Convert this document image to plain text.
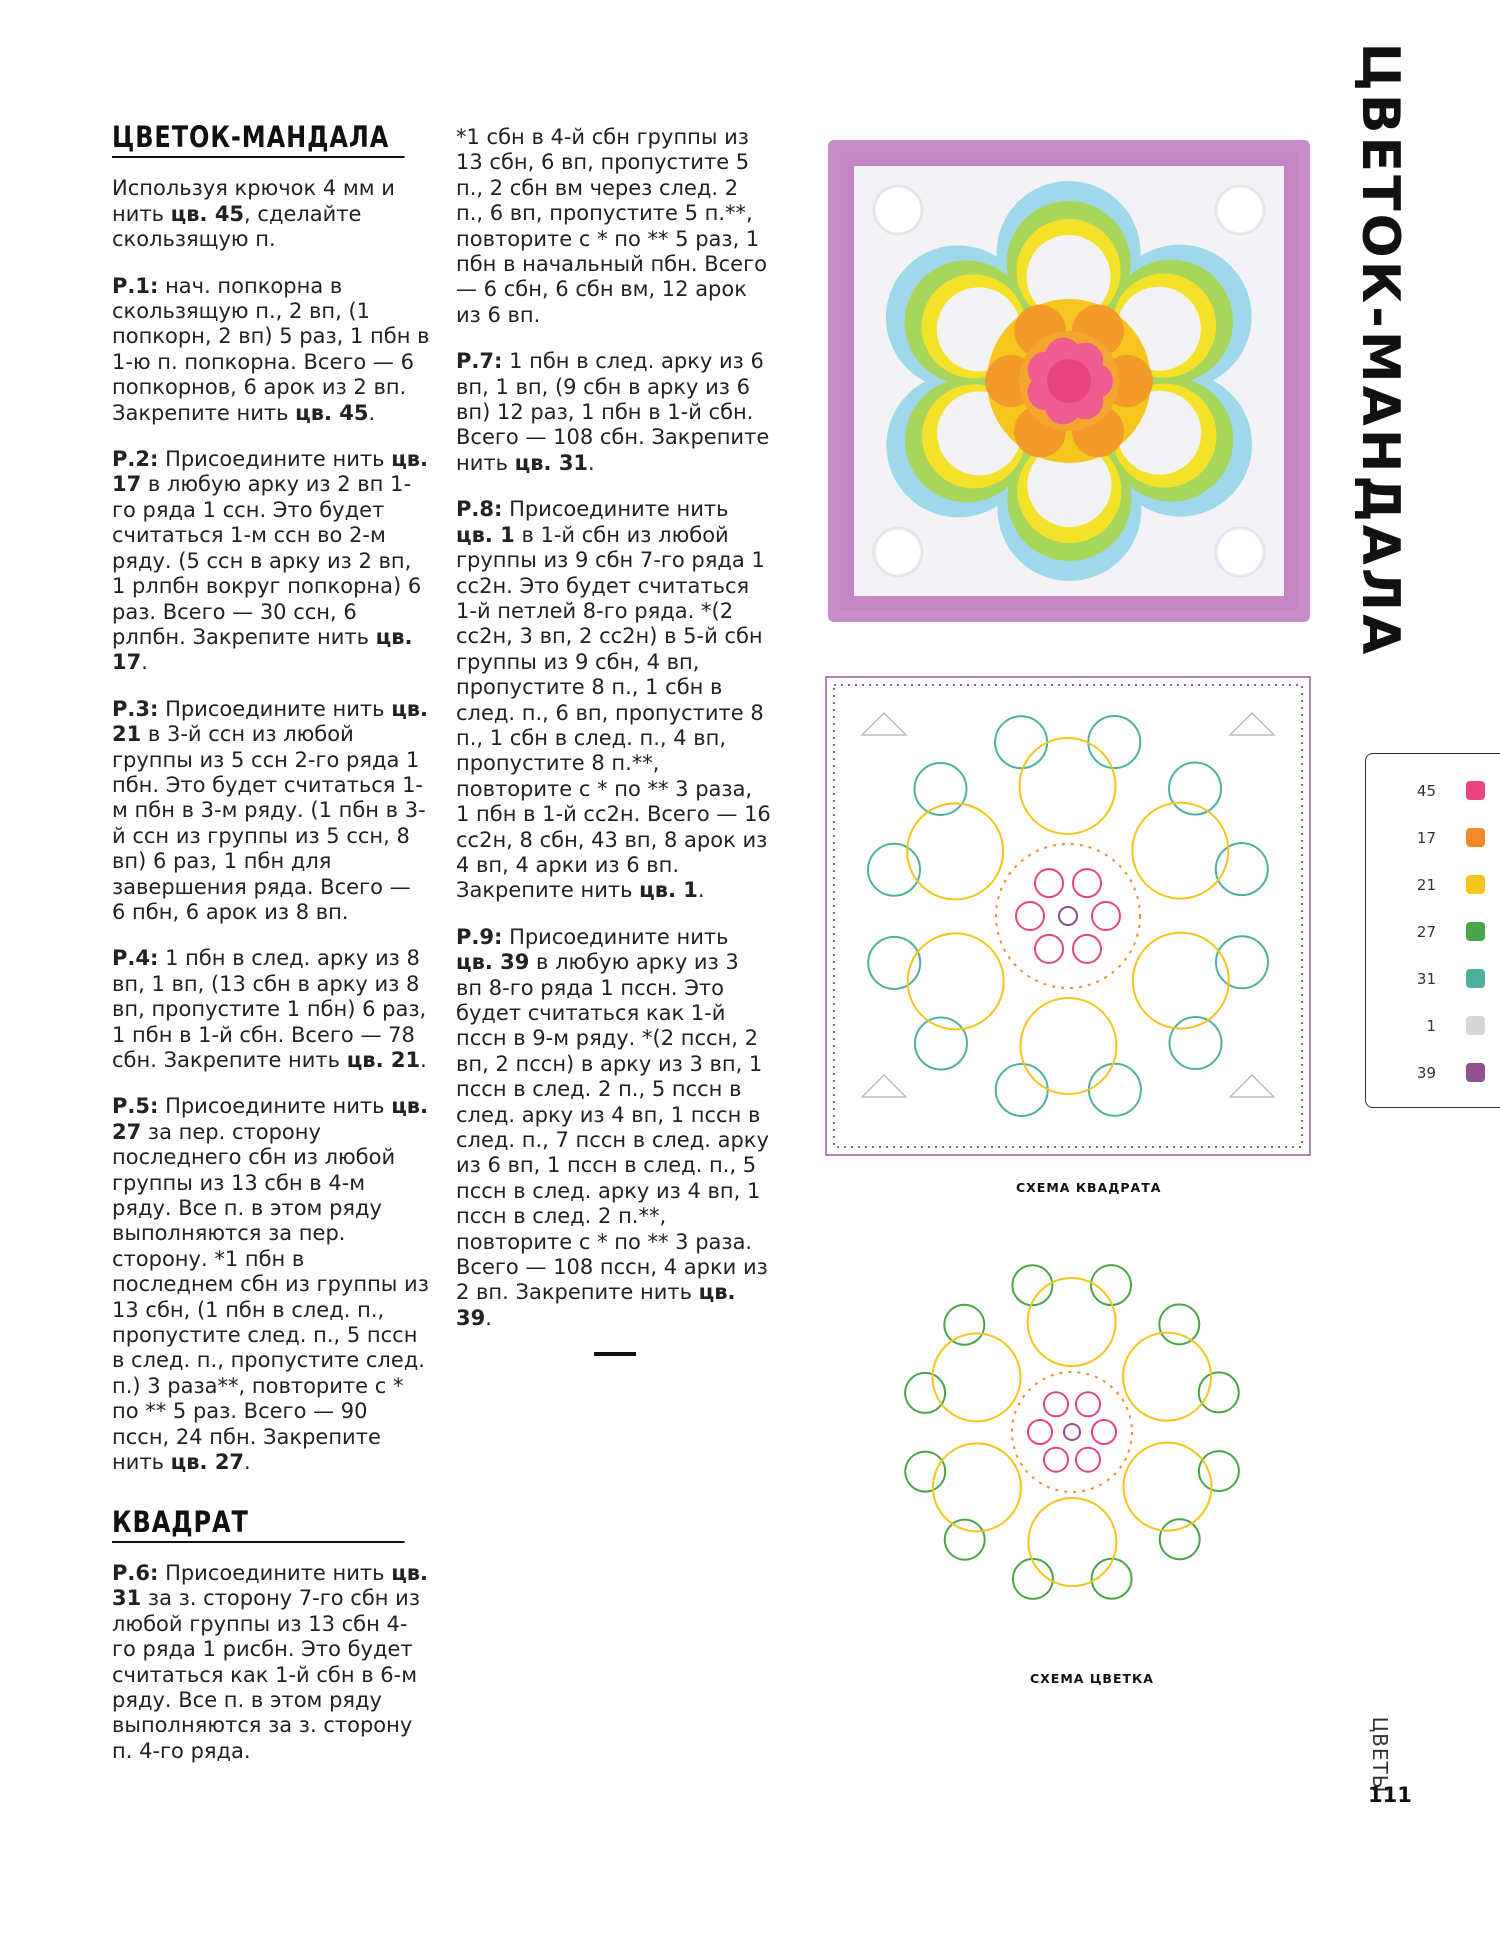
ЦВЕТОК-МАНДАЛА

Используя крючок 4 мм и нить цв. 45, сделайте скользящую п.

Р.1: нач. попкорна в скользящую п., 2 вп, (1 попкорн, 2 вп) 5 раз, 1 пбн в 1-ю п. попкорна. Всего — 6 попкорнов, 6 арок из 2 вп. Закрепите нить цв. 45.

Р.2: Присоедините нить цв. 17 в любую арку из 2 вп 1-го ряда 1 ссн. Это будет считаться 1-м ссн во 2-м ряду. (5 ссн в арку из 2 вп, 1 рлпбн вокруг попкорна) 6 раз. Всего — 30 ссн, 6 рлпбн. Закрепите нить цв. 17.

Р.3: Присоедините нить цв. 21 в 3-й ссн из любой группы из 5 ссн 2-го ряда 1 пбн. Это будет считаться 1-м пбн в 3-м ряду. (1 пбн в 3-й ссн из группы из 5 ссн, 8 вп) 6 раз, 1 пбн для завершения ряда. Всего — 6 пбн, 6 арок из 8 вп.

Р.4: 1 пбн в след. арку из 8 вп, 1 вп, (13 сбн в арку из 8 вп, пропустите 1 пбн) 6 раз, 1 пбн в 1-й сбн. Всего — 78 сбн. Закрепите нить цв. 21.

Р.5: Присоедините нить цв. 27 за пер. сторону последнего сбн из любой группы из 13 сбн в 4-м ряду. Все п. в этом ряду выполняются за пер. сторону. *1 пбн в последнем сбн из группы из 13 сбн, (1 пбн в след. п., пропустите след. п., 5 пссн в след. п., пропустите след. п.) 3 раза**, повторите с * по ** 5 раз. Всего — 90 пссн, 24 пбн. Закрепите нить цв. 27.

КВАДРАТ

Р.6: Присоедините нить цв. 31 за з. сторону 7-го сбн из любой группы из 13 сбн 4-го ряда 1 рисбн. Это будет считаться как 1-й сбн в 6-м ряду. Все п. в этом ряду выполняются за з. сторону п. 4-го ряда.

*1 сбн в 4-й сбн группы из 13 сбн, 6 вп, пропустите 5 п., 2 сбн вм через след. 2 п., 6 вп, пропустите 5 п.**, повторите с * по ** 5 раз, 1 пбн в начальный пбн. Всего — 6 сбн, 6 сбн вм, 12 арок из 6 вп.

Р.7: 1 пбн в след. арку из 6 вп, 1 вп, (9 сбн в арку из 6 вп) 12 раз, 1 пбн в 1-й сбн. Всего — 108 сбн. Закрепите нить цв. 31.

Р.8: Присоедините нить цв. 1 в 1-й сбн из любой группы из 9 сбн 7-го ряда 1 сс2н. Это будет считаться 1-й петлей 8-го ряда. *(2 сс2н, 3 вп, 2 сс2н) в 5-й сбн группы из 9 сбн, 4 вп, пропустите 8 п., 1 сбн в след. п., 6 вп, пропустите 8 п., 1 сбн в след. п., 4 вп, пропустите 8 п.**, повторите с * по ** 3 раза, 1 пбн в 1-й сс2н. Всего — 16 сс2н, 8 сбн, 43 вп, 8 арок из 4 вп, 4 арки из 6 вп. Закрепите нить цв. 1.

Р.9: Присоедините нить цв. 39 в любую арку из 3 вп 8-го ряда 1 пссн. Это будет считаться как 1-й пссн в 9-м ряду. *(2 пссн, 2 вп, 2 пссн) в арку из 3 вп, 1 пссн в след. 2 п., 5 пссн в след. арку из 4 вп, 1 пссн в след. п., 7 пссн в след. арку из 6 вп, 1 пссн в след. п., 5 пссн в след. арку из 4 вп, 1 пссн в след. 2 п.**, повторите с * по ** 3 раза. Всего — 108 пссн, 4 арки из 2 вп. Закрепите нить цв. 39.

СХЕМА КВАДРАТА
СХЕМА ЦВЕТКА
ЦВЕТОК-МАНДАЛА
45
17
21
27
31
1
39
ЦВЕТЫ
111
